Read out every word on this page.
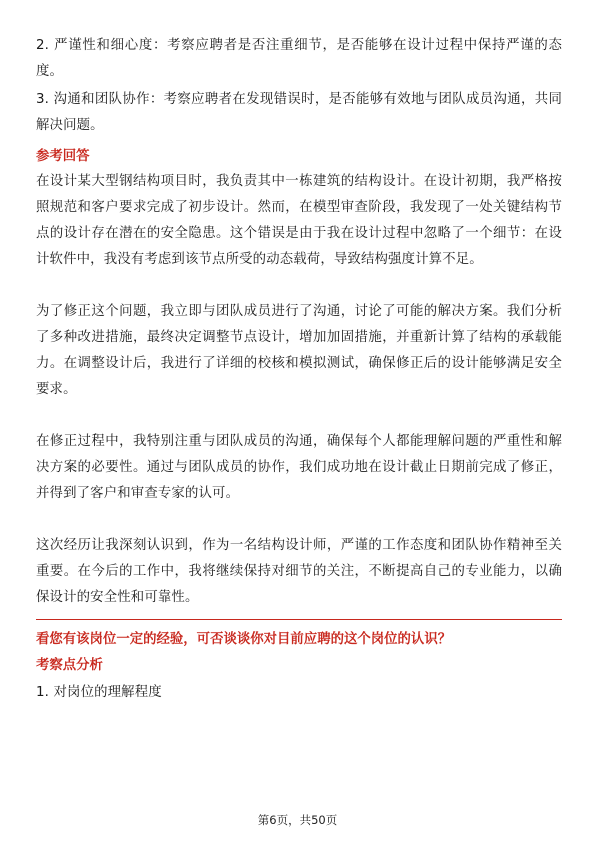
2. 严谨性和细心度：考察应聘者是否注重细节，是否能够在设计过程中保持严谨的态度。

3. 沟通和团队协作：考察应聘者在发现错误时，是否能够有效地与团队成员沟通，共同解决问题。

参考回答

在设计某大型钢结构项目时，我负责其中一栋建筑的结构设计。在设计初期，我严格按照规范和客户要求完成了初步设计。然而，在模型审查阶段，我发现了一处关键结构节点的设计存在潜在的安全隐患。这个错误是由于我在设计过程中忽略了一个细节：在设计软件中，我没有考虑到该节点所受的动态载荷，导致结构强度计算不足。

为了修正这个问题，我立即与团队成员进行了沟通，讨论了可能的解决方案。我们分析了多种改进措施，最终决定调整节点设计，增加加固措施，并重新计算了结构的承载能力。在调整设计后，我进行了详细的校核和模拟测试，确保修正后的设计能够满足安全要求。

在修正过程中，我特别注重与团队成员的沟通，确保每个人都能理解问题的严重性和解决方案的必要性。通过与团队成员的协作，我们成功地在设计截止日期前完成了修正，并得到了客户和审查专家的认可。

这次经历让我深刻认识到，作为一名结构设计师，严谨的工作态度和团队协作精神至关重要。在今后的工作中，我将继续保持对细节的关注，不断提高自己的专业能力，以确保设计的安全性和可靠性。

看您有该岗位一定的经验，可否谈谈你对目前应聘的这个岗位的认识？

考察点分析

1. 对岗位的理解程度

第6页，共50页
